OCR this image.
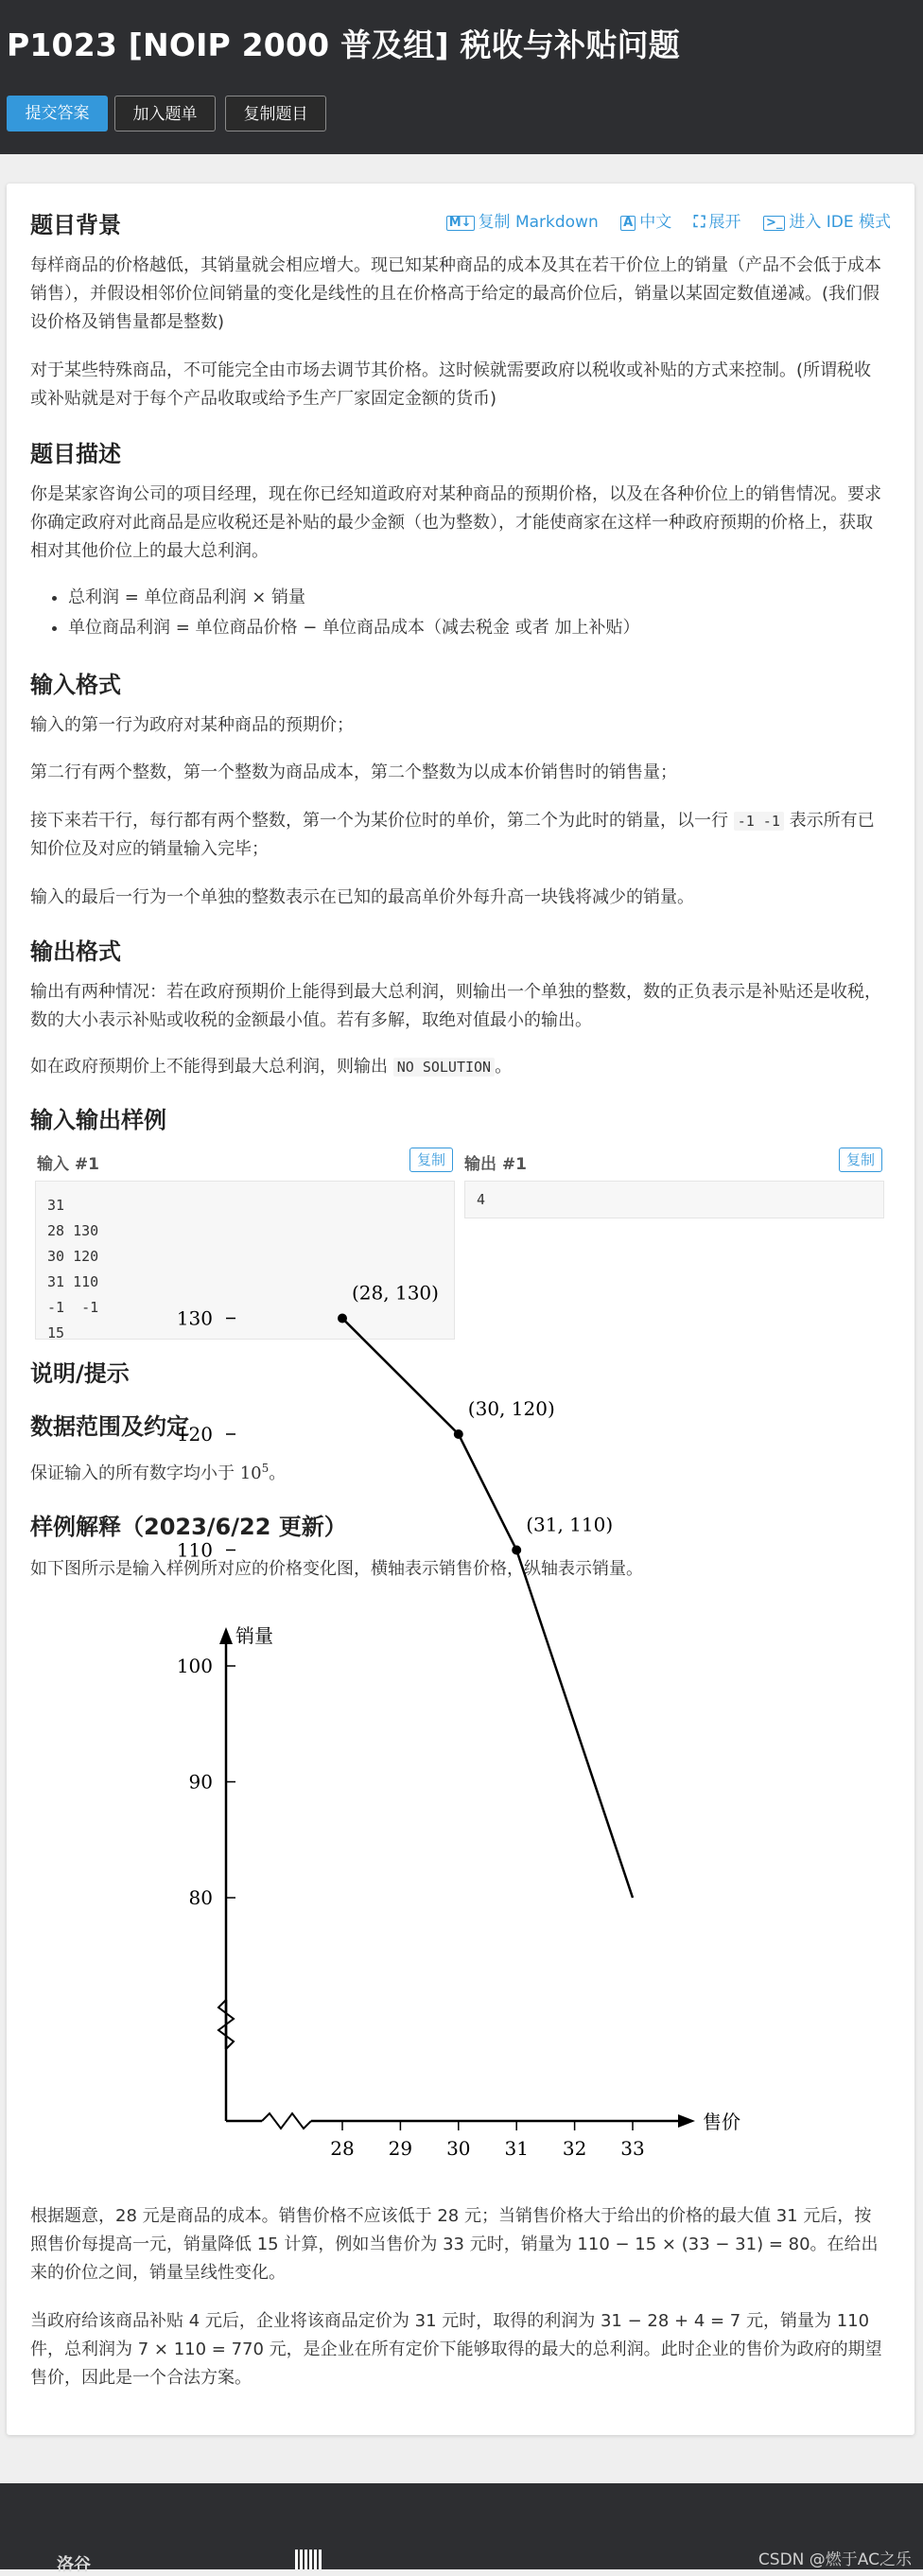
P1023 [NOIP 2000 普及组] 税收与补贴问题
提交答案	加入题单	复制题目
M↓ 复制 Markdown A 中文 ⛶ 展开 >_ 进入 IDE 模式
题目背景

每样商品的价格越低，其销量就会相应增大。现已知某种商品的成本及其在若干价位上的销量（产品不会低于成本销售），并假设相邻价位间销量的变化是线性的且在价格高于给定的最高价位后，销量以某固定数值递减。(我们假设价格及销售量都是整数)

对于某些特殊商品，不可能完全由市场去调节其价格。这时候就需要政府以税收或补贴的方式来控制。(所谓税收或补贴就是对于每个产品收取或给予生产厂家固定金额的货币)

题目描述

你是某家咨询公司的项目经理，现在你已经知道政府对某种商品的预期价格，以及在各种价位上的销售情况。要求你确定政府对此商品是应收税还是补贴的最少金额（也为整数），才能使商家在这样一种政府预期的价格上，获取相对其他价位上的最大总利润。

• 总利润 = 单位商品利润 × 销量
• 单位商品利润 = 单位商品价格 − 单位商品成本（减去税金 或者 加上补贴）
输入格式

输入的第一行为政府对某种商品的预期价；

第二行有两个整数，第一个整数为商品成本，第二个整数为以成本价销售时的销售量；

接下来若干行，每行都有两个整数，第一个为某价位时的单价，第二个为此时的销量，以一行 -1 -1 表示所有已知价位及对应的销量输入完毕；

输入的最后一行为一个单独的整数表示在已知的最高单价外每升高一块钱将减少的销量。

输出格式

输出有两种情况：若在政府预期价上能得到最大总利润，则输出一个单独的整数，数的正负表示是补贴还是收税，数的大小表示补贴或收税的金额最小值。若有多解，取绝对值最小的输出。

如在政府预期价上不能得到最大总利润，则输出 NO SOLUTION 。

输入输出样例
输入 #1	复制
31
28 130
30 120
31 110
-1  -1
15
输出 #1	复制
4
说明/提示
数据范围及约定

保证输入的所有数字均小于 $10^5$。

样例解释（2023/6/22 更新）

如下图所示是输入样例所对应的价格变化图，横轴表示销售价格，纵轴表示销量。

销量
售价
28 29 30 31 32 33
80
90
100
110
120
130
(28, 130)
(30, 120)
(31, 110)

根据题意，28 元是商品的成本。销售价格不应该低于 28 元；当销售价格大于给出的价格的最大值 31 元后，按照售价每提高一元，销量降低 15 计算，例如当售价为 33 元时，销量为 110 − 15 × (33 − 31) = 80。在给出来的价位之间，销量呈线性变化。

当政府给该商品补贴 4 元后，企业将该商品定价为 31 元时，取得的利润为 31 − 28 + 4 = 7 元，销量为 110 件，总利润为 7 × 110 = 770 元，是企业在所有定价下能够取得的最大的总利润。此时企业的售价为政府的期望售价，因此是一个合法方案。

洛谷	CSDN @燃于AC之乐
